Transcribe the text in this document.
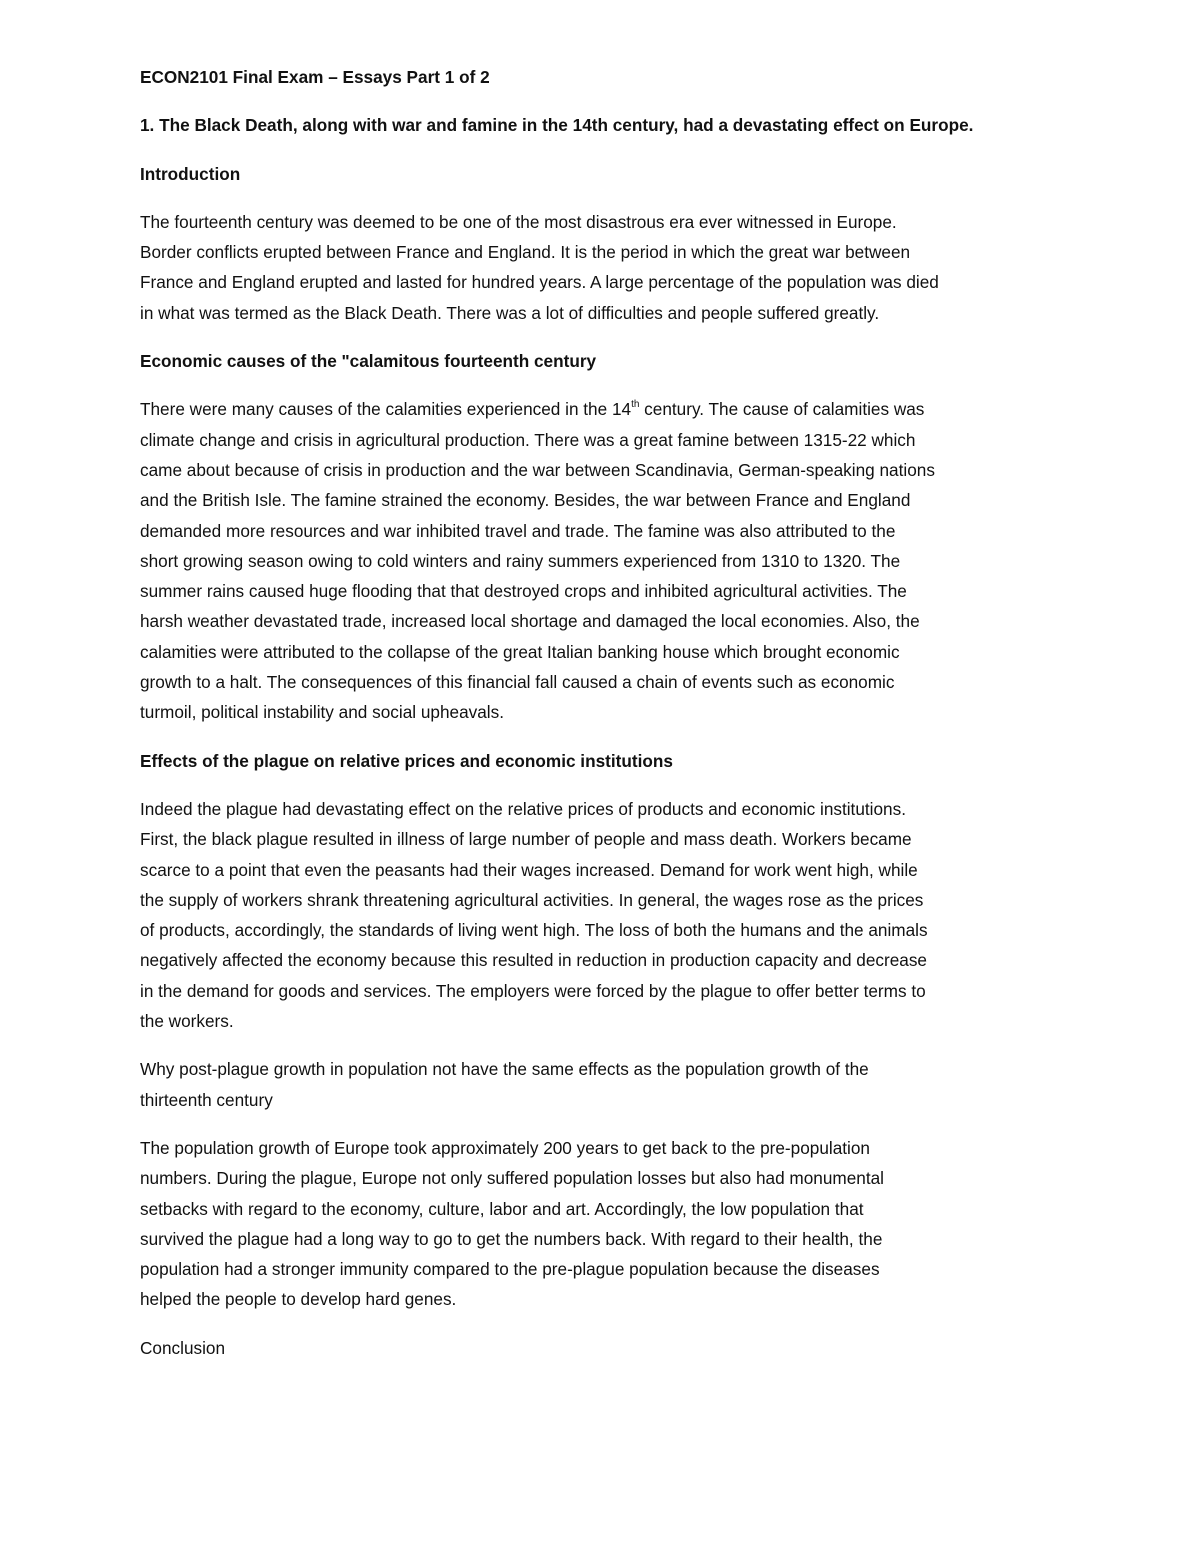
ECON2101 Final Exam – Essays Part 1 of 2
1. The Black Death, along with war and famine in the 14th century, had a devastating effect on Europe.
Introduction
The fourteenth century was deemed to be one of the most disastrous era ever witnessed in Europe.
Border conflicts erupted between France and England. It is the period in which the great war between
France and England erupted and lasted for hundred years. A large percentage of the population was died
in what was termed as the Black Death. There was a lot of difficulties and people suffered greatly.
Economic causes of the "calamitous fourteenth century
There were many causes of the calamities experienced in the 14th century. The cause of calamities was
climate change and crisis in agricultural production. There was a great famine between 1315-22 which
came about because of crisis in production and the war between Scandinavia, German-speaking nations
and the British Isle. The famine strained the economy. Besides, the war between France and England
demanded more resources and war inhibited travel and trade. The famine was also attributed to the
short growing season owing to cold winters and rainy summers experienced from 1310 to 1320. The
summer rains caused huge flooding that that destroyed crops and inhibited agricultural activities. The
harsh weather devastated trade, increased local shortage and damaged the local economies. Also, the
calamities were attributed to the collapse of the great Italian banking house which brought economic
growth to a halt. The consequences of this financial fall caused a chain of events such as economic
turmoil, political instability and social upheavals.
Effects of the plague on relative prices and economic institutions
Indeed the plague had devastating effect on the relative prices of products and economic institutions.
First, the black plague resulted in illness of large number of people and mass death. Workers became
scarce to a point that even the peasants had their wages increased. Demand for work went high, while
the supply of workers shrank threatening agricultural activities. In general, the wages rose as the prices
of products, accordingly, the standards of living went high. The loss of both the humans and the animals
negatively affected the economy because this resulted in reduction in production capacity and decrease
in the demand for goods and services. The employers were forced by the plague to offer better terms to
the workers.
Why post-plague growth in population not have the same effects as the population growth of the
thirteenth century
The population growth of Europe took approximately 200 years to get back to the pre-population
numbers. During the plague, Europe not only suffered population losses but also had monumental
setbacks with regard to the economy, culture, labor and art. Accordingly, the low population that
survived the plague had a long way to go to get the numbers back. With regard to their health, the
population had a stronger immunity compared to the pre-plague population because the diseases
helped the people to develop hard genes.
Conclusion
